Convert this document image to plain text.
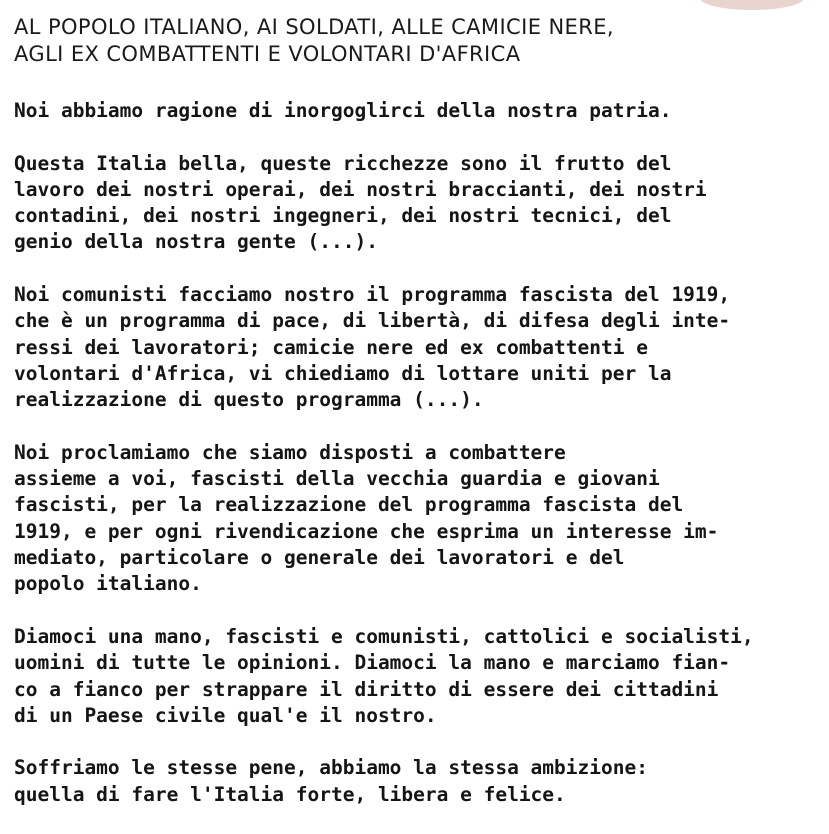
AL POPOLO ITALIANO, AI SOLDATI, ALLE CAMICIE NERE,
AGLI EX COMBATTENTI E VOLONTARI D'AFRICA
Noi abbiamo ragione di inorgoglirci della nostra patria.
Questa Italia bella, queste ricchezze sono il frutto del
lavoro dei nostri operai, dei nostri braccianti, dei nostri
contadini, dei nostri ingegneri, dei nostri tecnici, del
genio della nostra gente (...).
Noi comunisti facciamo nostro il programma fascista del 1919,
che è un programma di pace, di libertà, di difesa degli inte-
ressi dei lavoratori; camicie nere ed ex combattenti e
volontari d'Africa, vi chiediamo di lottare uniti per la
realizzazione di questo programma (...).
Noi proclamiamo che siamo disposti a combattere
assieme a voi, fascisti della vecchia guardia e giovani
fascisti, per la realizzazione del programma fascista del
1919, e per ogni rivendicazione che esprima un interesse im-
mediato, particolare o generale dei lavoratori e del
popolo italiano.
Diamoci una mano, fascisti e comunisti, cattolici e socialisti,
uomini di tutte le opinioni. Diamoci la mano e marciamo fian-
co a fianco per strappare il diritto di essere dei cittadini
di un Paese civile qual'e il nostro.
Soffriamo le stesse pene, abbiamo la stessa ambizione:
quella di fare l'Italia forte, libera e felice.
